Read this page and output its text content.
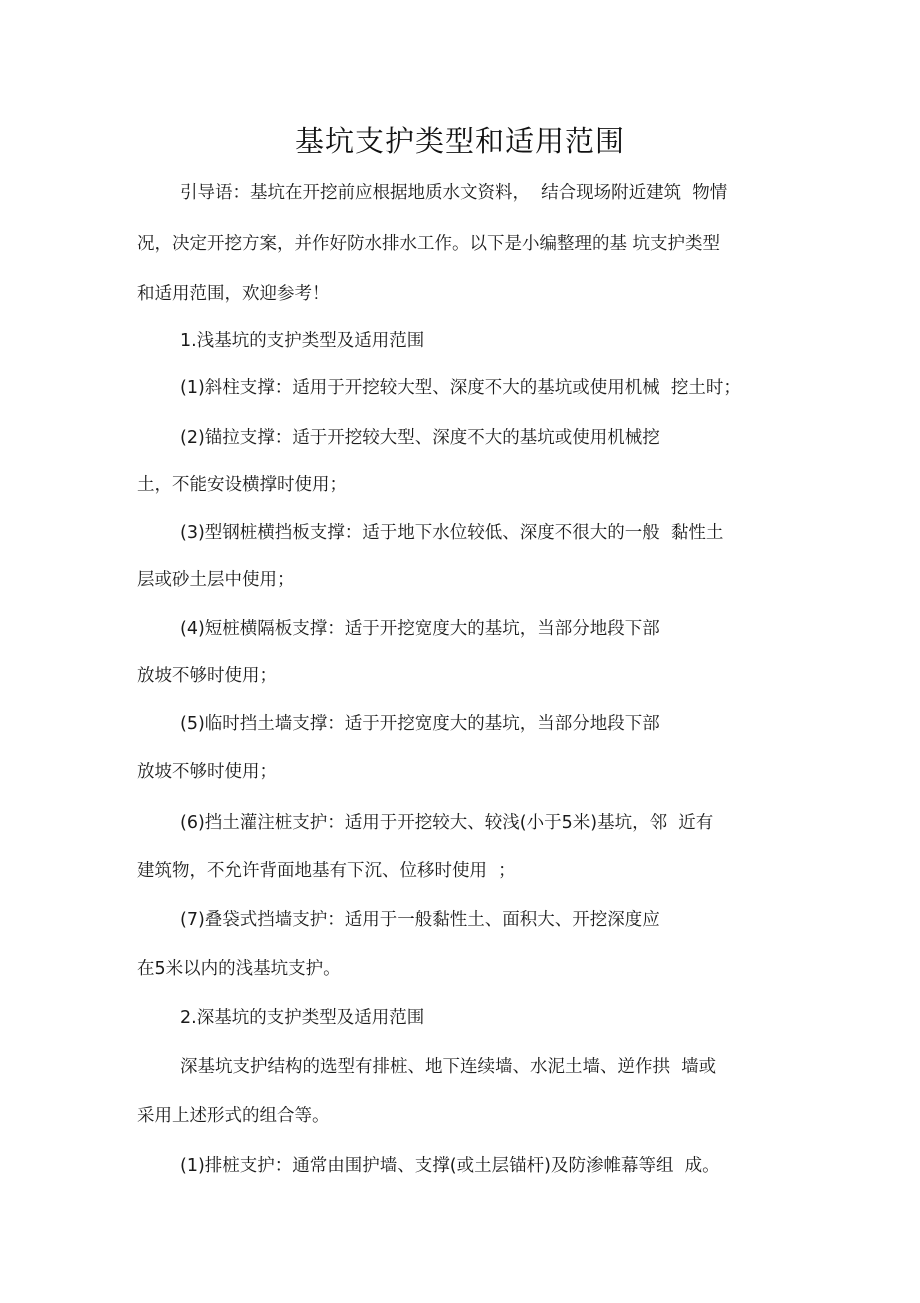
基坑支护类型和适用范围
引导语：基坑在开挖前应根据地质水文资料，  结合现场附近建筑  物情
况，决定开挖方案，并作好防水排水工作。以下是小编整理的基 坑支护类型
和适用范围，欢迎参考！
1.浅基坑的支护类型及适用范围
(1)斜柱支撑：适用于开挖较大型、深度不大的基坑或使用机械  挖土时；
(2)锚拉支撑：适于开挖较大型、深度不大的基坑或使用机械挖
土，不能安设横撑时使用；
(3)型钢桩横挡板支撑：适于地下水位较低、深度不很大的一般  黏性土
层或砂土层中使用；
(4)短桩横隔板支撑：适于开挖宽度大的基坑，当部分地段下部
放坡不够时使用；
(5)临时挡土墙支撑：适于开挖宽度大的基坑，当部分地段下部
放坡不够时使用；
(6)挡土灌注桩支护：适用于开挖较大、较浅(小于5米)基坑，邻  近有
建筑物，不允许背面地基有下沉、位移时使用  ；
(7)叠袋式挡墙支护：适用于一般黏性土、面积大、开挖深度应
在5米以内的浅基坑支护。
2.深基坑的支护类型及适用范围
深基坑支护结构的选型有排桩、地下连续墙、水泥土墙、逆作拱  墙或
采用上述形式的组合等。
(1)排桩支护：通常由围护墙、支撑(或土层锚杆)及防渗帷幕等组  成。
